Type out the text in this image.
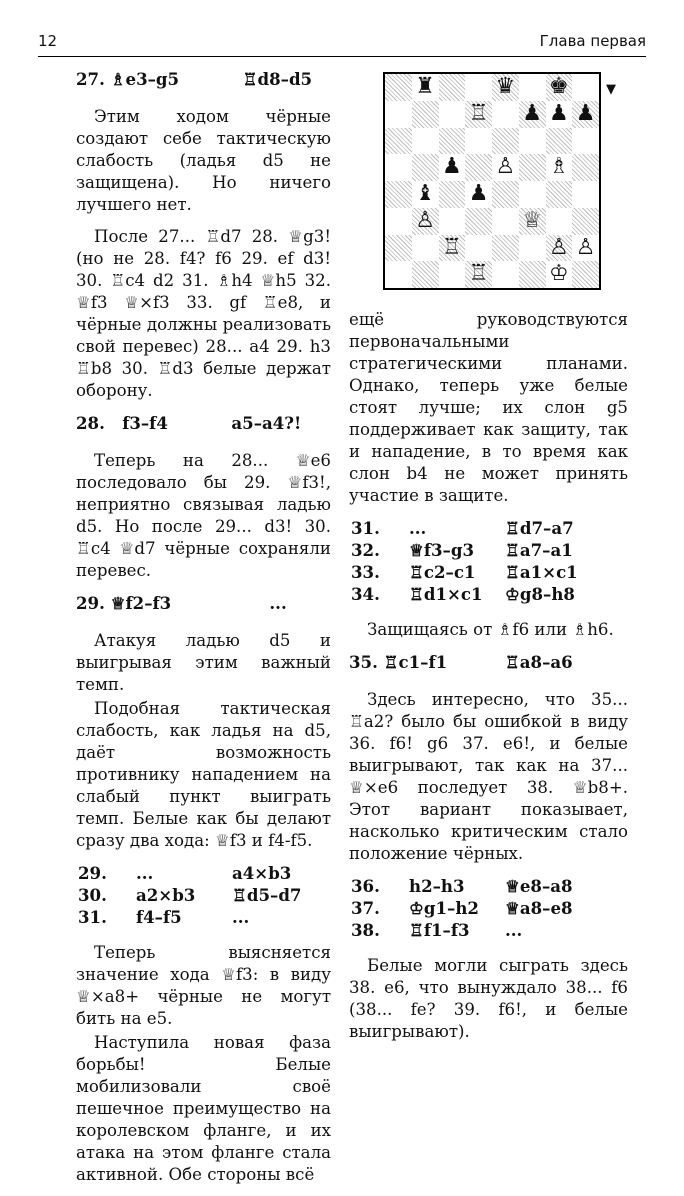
12	Глава первая
27. ♗e3–g5           ♖d8–d5

Этим ходом чёрные создают себе тактическую слабость (ладья d5 не защищена). Но ничего лучшего нет.

После 27... ♖d7 28. ♕g3! (но не 28. f4? f6 29. ef d3! 30. ♖c4 d2 31. ♗h4 ♕h5 32. ♕f3 ♕×f3 33. gf ♖e8, и чёрные должны реализовать свой перевес) 28... a4 29. h3 ♖b8 30. ♖d3 белые держат оборону.

28.   f3–f4           a5–a4?!

Теперь на 28... ♕e6 последовало бы 29. ♕f3!, неприятно связывая ладью d5. Но после 29... d3! 30. ♖c4 ♕d7 чёрные сохраняли перевес.

29. ♕f2–f3                 ...

Атакуя ладью d5 и выигрывая этим важный темп.

Подобная тактическая слабость, как ладья на d5, даёт возможность противнику нападением на слабый пункт выиграть темп. Белые как бы делают сразу два хода: ♕f3 и f4-f5.

29.	...	a4×b3
30.	a2×b3	♖d5–d7
31.	f4–f5	...

Теперь выясняется значение хода ♕f3: в виду ♕×a8+ чёрные не могут бить на e5.

Наступила новая фаза борьбы! Белые мобилизовали своё пешечное преимущество на королевском фланге, и их атака на этом фланге стала активной. Обе стороны всё

♜	♛ ♚
♖ ♟ ♟ ♟
♟ ♙ ♗
♝ ♟
♙	♕
♖	♙ ♙
♖	♔
▼

ещё руководствуются первоначальными стратегическими планами. Однако, теперь уже белые стоят лучше; их слон g5 поддерживает как защиту, так и нападение, в то время как слон b4 не может принять участие в защите.

31.	...	♖d7–a7
32.	♕f3–g3	♖a7–a1
33.	♖c2–c1	♖a1×c1
34.	♖d1×c1	♔g8–h8

Защищаясь от ♗f6 или ♗h6.

35. ♖c1–f1          ♖a8–a6

Здесь интересно, что 35... ♖a2? было бы ошибкой в виду 36. f6! g6 37. e6!, и белые выигрывают, так как на 37... ♕×e6 последует 38. ♕b8+. Этот вариант показывает, насколько критическим стало положение чёрных.

36.	h2–h3	♕e8–a8
37.	♔g1–h2	♕a8–e8
38.	♖f1–f3	...

Белые могли сыграть здесь 38. e6, что вынуждало 38... f6 (38... fe? 39. f6!, и белые выигрывают).
